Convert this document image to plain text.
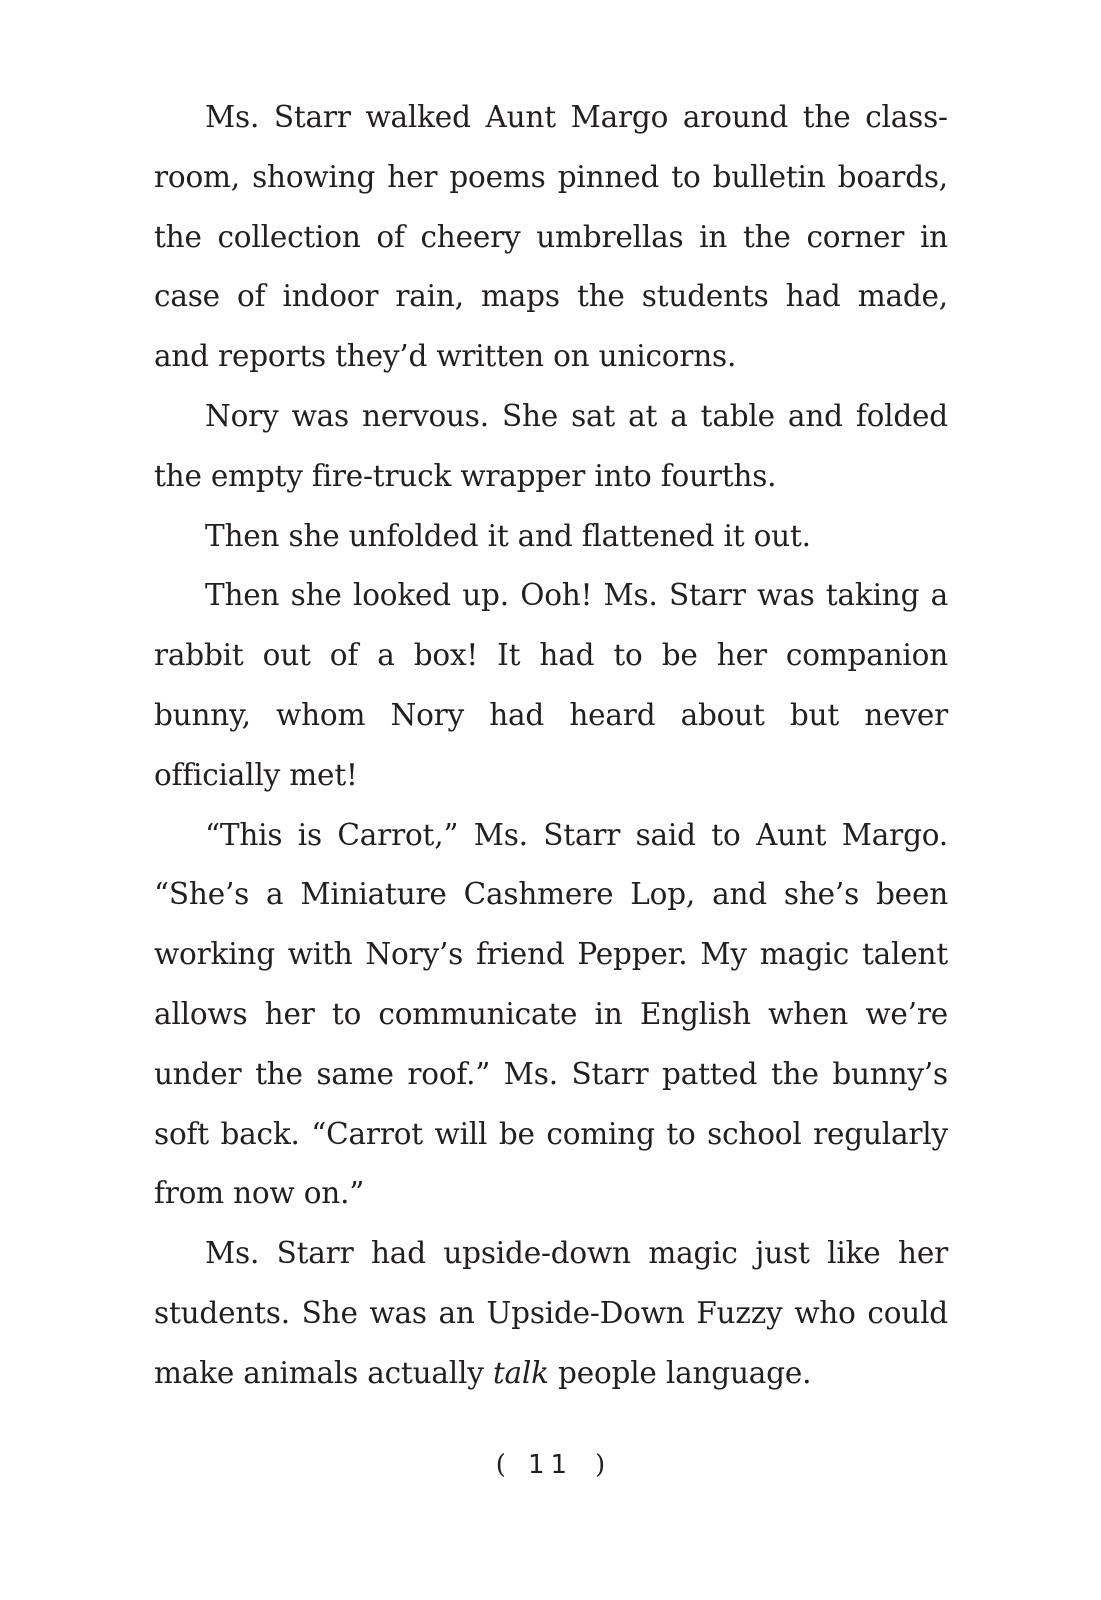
Ms. Starr walked Aunt Margo around the classroom, showing her poems pinned to bulletin boards, the collection of cheery umbrellas in the corner in case of indoor rain, maps the students had made, and reports they’d written on unicorns.

Nory was nervous. She sat at a table and folded the empty fire-truck wrapper into fourths.

Then she unfolded it and flattened it out.

Then she looked up. Ooh! Ms. Starr was taking a rabbit out of a box! It had to be her companion bunny, whom Nory had heard about but never officially met!

“This is Carrot,” Ms. Starr said to Aunt Margo. “She’s a Miniature Cashmere Lop, and she’s been working with Nory’s friend Pepper. My magic talent allows her to communicate in English when we’re under the same roof.” Ms. Starr patted the bunny’s soft back. “Carrot will be coming to school regularly from now on.”

Ms. Starr had upside-down magic just like her students. She was an Upside-Down Fuzzy who could make animals actually talk people language.

( 11 )
